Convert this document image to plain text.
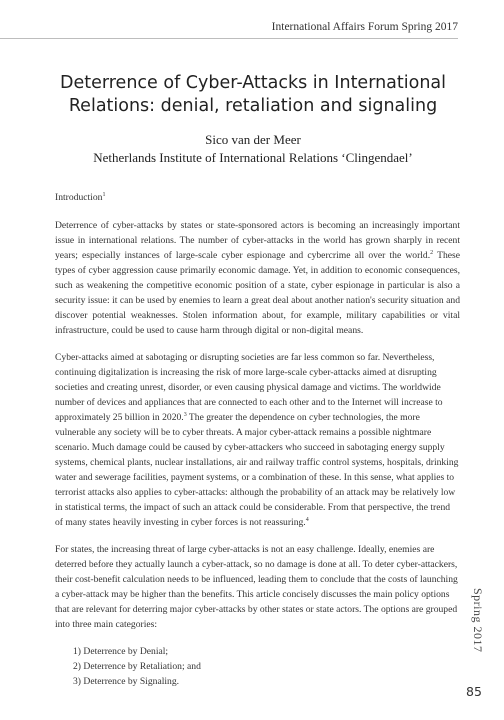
International Affairs Forum Spring 2017
Deterrence of Cyber-Attacks in International
Relations: denial, retaliation and signaling
Sico van der Meer
Netherlands Institute of International Relations ‘Clingendael’
Introduction$^1$

Deterrence of cyber-attacks by states or state-sponsored actors is becoming an increasingly important issue in international relations. The number of cyber-attacks in the world has grown sharply in recent years; especially instances of large-scale cyber espionage and cybercrime all over the world.$^2$ These types of cyber aggression cause primarily economic damage. Yet, in addition to economic consequences, such as weakening the competitive economic position of a state, cyber espionage in particular is also a security issue: it can be used by enemies to learn a great deal about another nation's security situation and discover potential weaknesses. Stolen information about, for example, military capabilities or vital infrastructure, could be used to cause harm through digital or non-digital means.

Cyber-attacks aimed at sabotaging or disrupting societies are far less common so far. Nevertheless, continuing digitalization is increasing the risk of more large-scale cyber-attacks aimed at disrupting societies and creating unrest, disorder, or even causing physical damage and victims. The worldwide number of devices and appliances that are connected to each other and to the Internet will increase to approximately 25 billion in 2020.$^3$ The greater the dependence on cyber technologies, the more vulnerable any society will be to cyber threats. A major cyber-attack remains a possible nightmare scenario. Much damage could be caused by cyber-attackers who succeed in sabotaging energy supply systems, chemical plants, nuclear installations, air and railway traffic control systems, hospitals, drinking water and sewerage facilities, payment systems, or a combination of these. In this sense, what applies to terrorist attacks also applies to cyber-attacks: although the probability of an attack may be relatively low in statistical terms, the impact of such an attack could be considerable. From that perspective, the trend of many states heavily investing in cyber forces is not reassuring.$^4$

For states, the increasing threat of large cyber-attacks is not an easy challenge. Ideally, enemies are deterred before they actually launch a cyber-attack, so no damage is done at all. To deter cyber-attackers, their cost-benefit calculation needs to be influenced, leading them to conclude that the costs of launching a cyber-attack may be higher than the benefits. This article concisely discusses the main policy options that are relevant for deterring major cyber-attacks by other states or state actors. The options are grouped into three main categories:

1) Deterrence by Denial;
2) Deterrence by Retaliation; and
3) Deterrence by Signaling.
Spring 2017
85
